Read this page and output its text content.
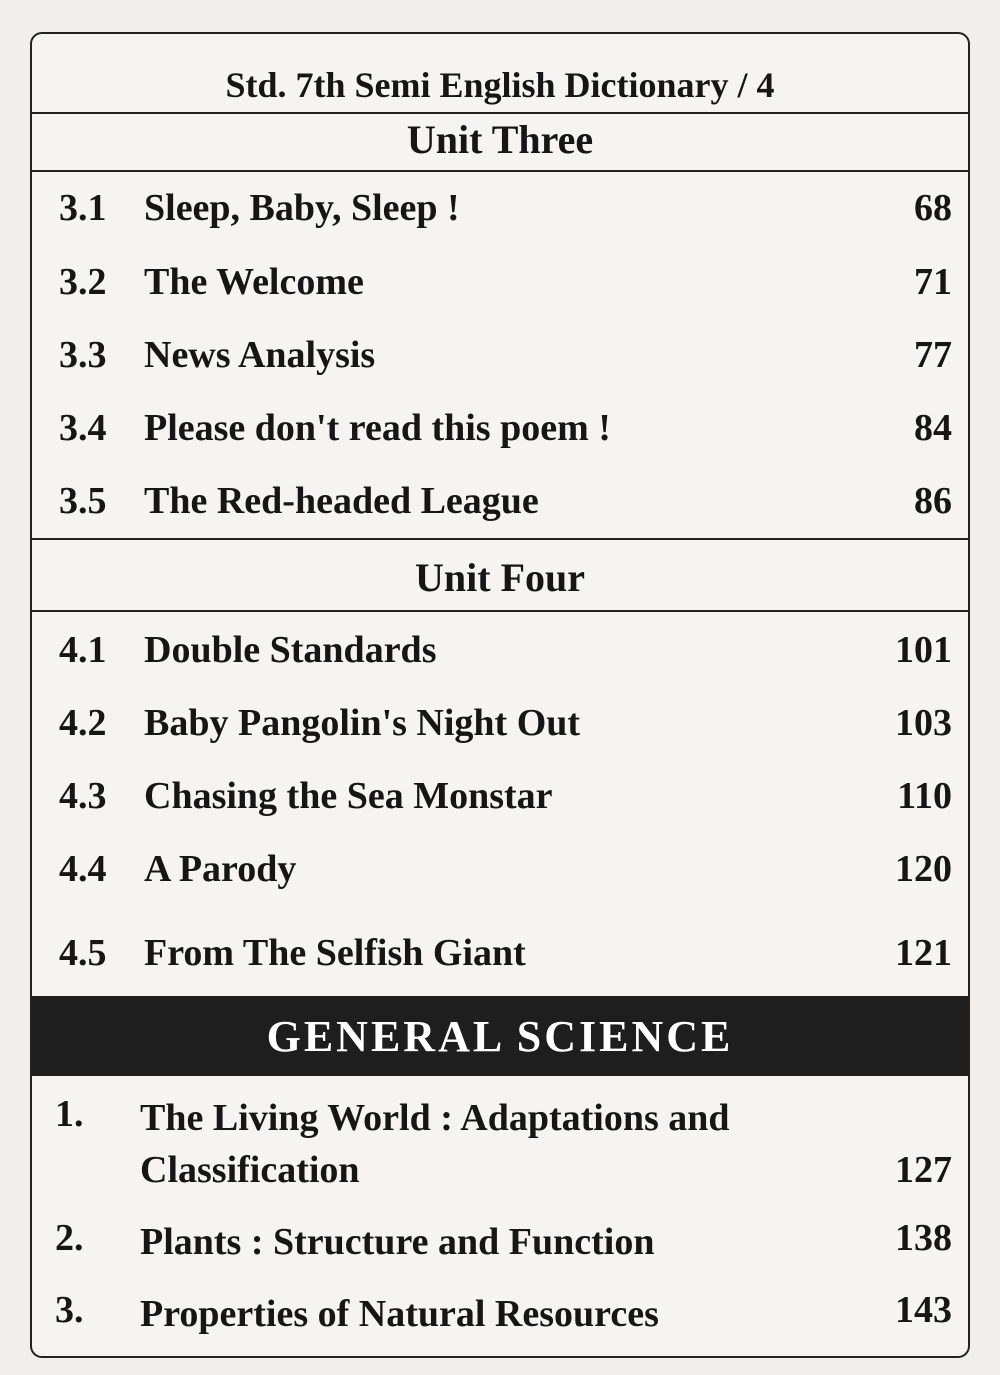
Std. 7th Semi English Dictionary / 4
Unit Three
3.1 Sleep, Baby, Sleep !	68
3.2 The Welcome	71
3.3 News Analysis	77
3.4 Please don't read this poem !	84
3.5 The Red-headed League	86
Unit Four
4.1 Double Standards	101
4.2 Baby Pangolin's Night Out	103
4.3 Chasing the Sea Monstar	110
4.4 A Parody	120
4.5 From The Selfish Giant	121
GENERAL SCIENCE
1. The Living World : Adaptations and
Classification	127
2. Plants : Structure and Function	138
3. Properties of Natural Resources	143
